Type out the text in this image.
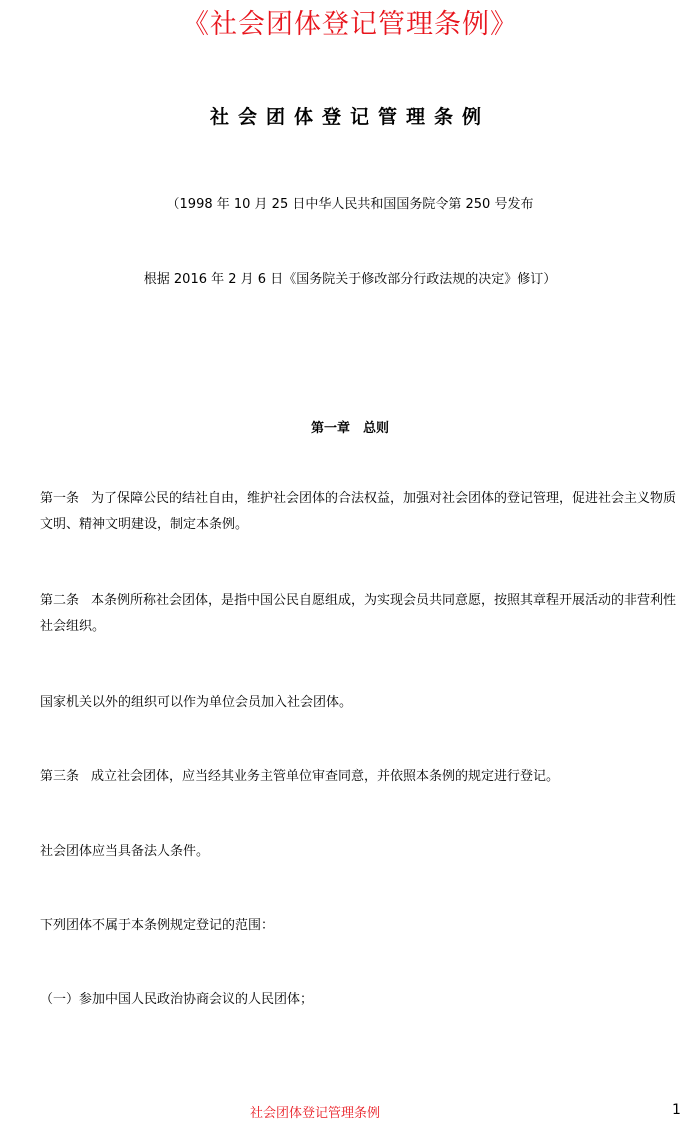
《社会团体登记管理条例》
社会团体登记管理条例
（1998 年 10 月 25 日中华人民共和国国务院令第 250 号发布
根据 2016 年 2 月 6 日《国务院关于修改部分行政法规的决定》修订）
第一章　总则
第一条 为了保障公民的结社自由，维护社会团体的合法权益，加强对社会团体的登记管理，促进社会主义物质
文明、精神文明建设，制定本条例。
第二条 本条例所称社会团体，是指中国公民自愿组成，为实现会员共同意愿，按照其章程开展活动的非营利性
社会组织。
国家机关以外的组织可以作为单位会员加入社会团体。
第三条 成立社会团体，应当经其业务主管单位审查同意，并依照本条例的规定进行登记。
社会团体应当具备法人条件。
下列团体不属于本条例规定登记的范围：
（一）参加中国人民政治协商会议的人民团体；
社会团体登记管理条例	1
